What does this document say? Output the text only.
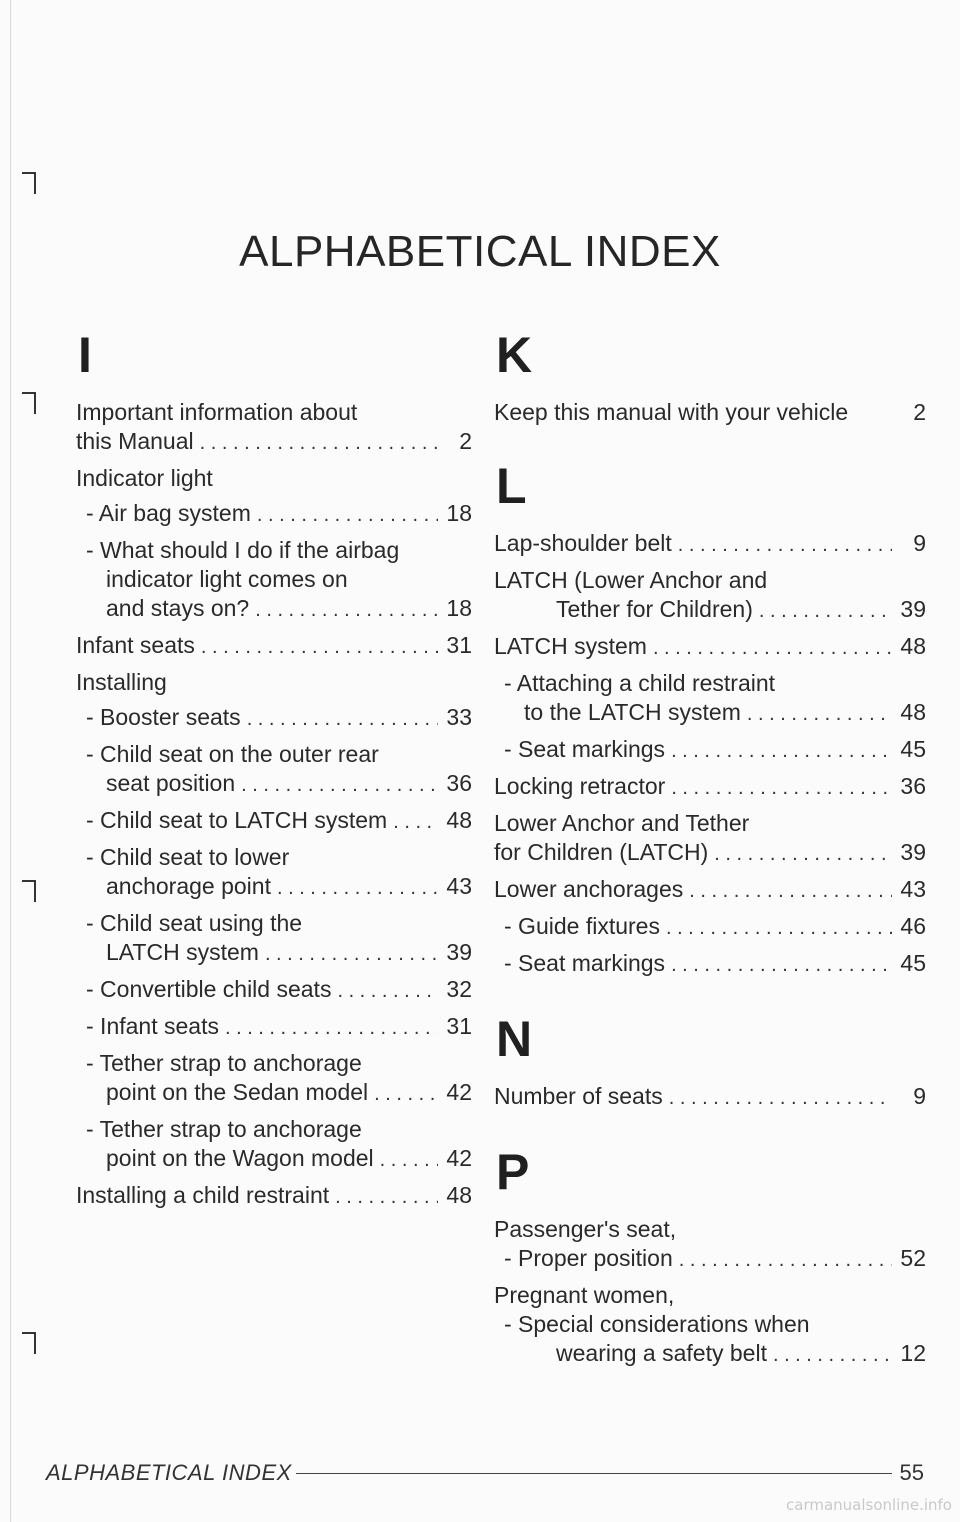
ALPHABETICAL INDEX
I
Important information about
this Manual . . .	2
Indicator light
- Air bag system . . .	18
- What should I do if the airbag
indicator light comes on
and stays on? . . .	18
Infant seats . . .	31
Installing
- Booster seats . . .	33
- Child seat on the outer rear
seat position . . .	36
- Child seat to LATCH system . . .	48
- Child seat to lower
anchorage point . . .	43
- Child seat using the
LATCH system . . .	39
- Convertible child seats . . .	32
- Infant seats . . .	31
- Tether strap to anchorage
point on the Sedan model . . .	42
- Tether strap to anchorage
point on the Wagon model . . .	42
Installing a child restraint . . .	48
K
Keep this manual with your vehicle	2
L
Lap-shoulder belt . . .	9
LATCH (Lower Anchor and
Tether for Children) . . .	39
LATCH system . . .	48
- Attaching a child restraint
to the LATCH system . . .	48
- Seat markings . . .	45
Locking retractor . . .	36
Lower Anchor and Tether
for Children (LATCH) . . .	39
Lower anchorages . . .	43
- Guide fixtures . . .	46
- Seat markings . . .	45
N
Number of seats . . .	9
P
Passenger's seat,
- Proper position . . .	52
Pregnant women,
- Special considerations when
wearing a safety belt . . .	12
ALPHABETICAL INDEX	55
carmanualsonline.info
